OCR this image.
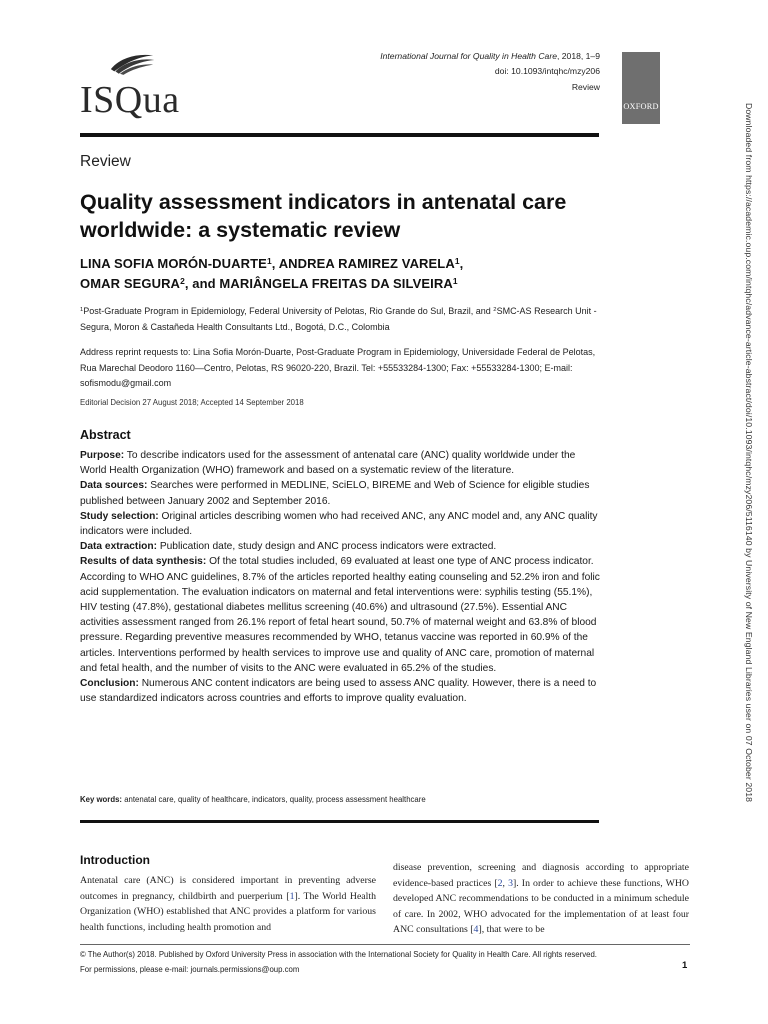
ISQua
International Journal for Quality in Health Care, 2018, 1–9
doi: 10.1093/intqhc/mzy206
Review
OXFORD
Review
Quality assessment indicators in antenatal care
worldwide: a systematic review
LINA SOFIA MORÓN-DUARTE$^1$, ANDREA RAMIREZ VARELA$^1$,
OMAR SEGURA$^2$, and MARIÂNGELA FREITAS DA SILVEIRA$^1$
$^1$Post-Graduate Program in Epidemiology, Federal University of Pelotas, Rio Grande do Sul, Brazil, and $^2$SMC-AS Research Unit - Segura, Moron & Castañeda Health Consultants Ltd., Bogotá, D.C., Colombia
Address reprint requests to: Lina Sofia Morón-Duarte, Post-Graduate Program in Epidemiology, Universidade Federal de Pelotas, Rua Marechal Deodoro 1160—Centro, Pelotas, RS 96020-220, Brazil. Tel: +55533284-1300; Fax: +55533284-1300; E-mail: sofismodu@gmail.com
Editorial Decision 27 August 2018; Accepted 14 September 2018
Abstract

Purpose: To describe indicators used for the assessment of antenatal care (ANC) quality worldwide under the World Health Organization (WHO) framework and based on a systematic review of the literature.

Data sources: Searches were performed in MEDLINE, SciELO, BIREME and Web of Science for eligible studies published between January 2002 and September 2016.

Study selection: Original articles describing women who had received ANC, any ANC model and, any ANC quality indicators were included.

Data extraction: Publication date, study design and ANC process indicators were extracted.

Results of data synthesis: Of the total studies included, 69 evaluated at least one type of ANC process indicator. According to WHO ANC guidelines, 8.7% of the articles reported healthy eating counseling and 52.2% iron and folic acid supplementation. The evaluation indicators on maternal and fetal interventions were: syphilis testing (55.1%), HIV testing (47.8%), gestational diabetes mellitus screening (40.6%) and ultrasound (27.5%). Essential ANC activities assessment ranged from 26.1% report of fetal heart sound, 50.7% of maternal weight and 63.8% of blood pressure. Regarding preventive measures recommended by WHO, tetanus vaccine was reported in 60.9% of the articles. Interventions performed by health services to improve use and quality of ANC care, promotion of maternal and fetal health, and the number of visits to the ANC were evaluated in 65.2% of the studies.

Conclusion: Numerous ANC content indicators are being used to assess ANC quality. However, there is a need to use standardized indicators across countries and efforts to improve quality evaluation.

Key words: antenatal care, quality of healthcare, indicators, quality, process assessment healthcare
Introduction
Antenatal care (ANC) is considered important in preventing adverse outcomes in pregnancy, childbirth and puerperium [1]. The World Health Organization (WHO) established that ANC provides a platform for various health functions, including health promotion and
disease prevention, screening and diagnosis according to appropriate evidence-based practices [2, 3]. In order to achieve these functions, WHO developed ANC recommendations to be conducted in a minimum schedule of care. In 2002, WHO advocated for the implementation of at least four ANC consultations [4], that were to be
© The Author(s) 2018. Published by Oxford University Press in association with the International Society for Quality in Health Care. All rights reserved.
For permissions, please e-mail: journals.permissions@oup.com	1
Downloaded from https://academic.oup.com/intqhc/advance-article-abstract/doi/10.1093/intqhc/mzy206/5116140 by University of New England Libraries user on 07 October 2018
